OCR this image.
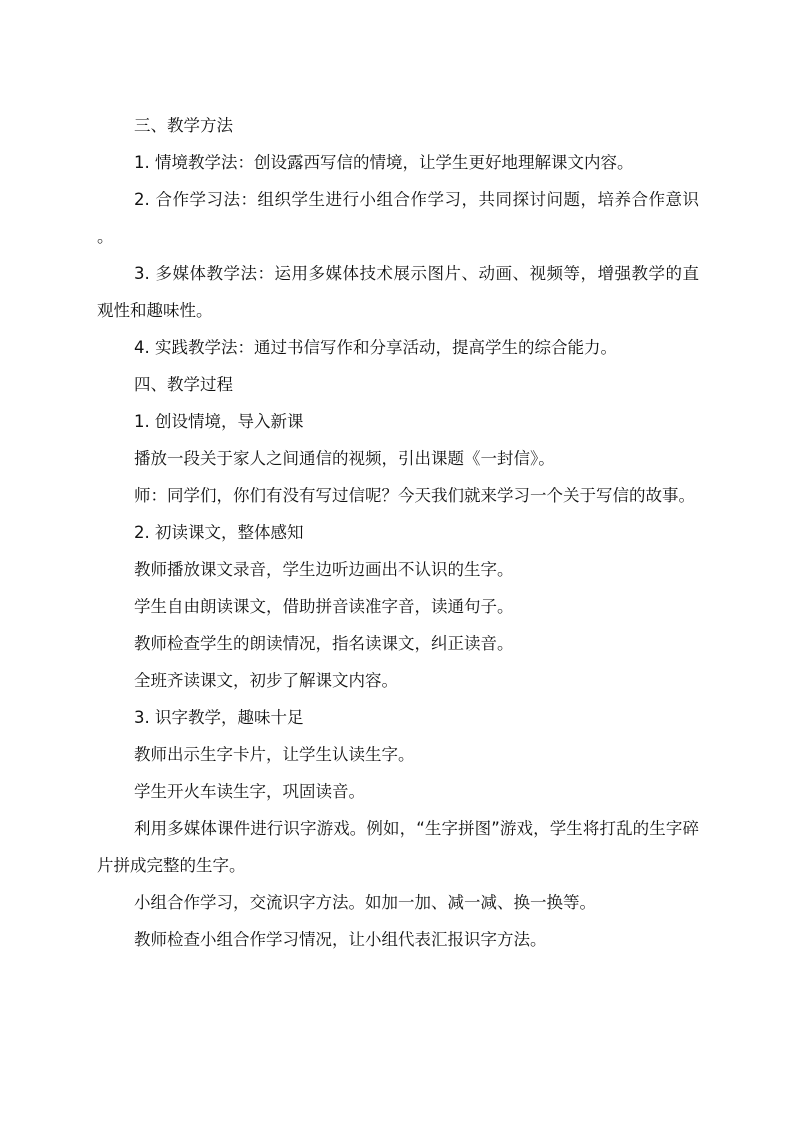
三、教学方法

1. 情境教学法：创设露西写信的情境，让学生更好地理解课文内容。

2. 合作学习法：组织学生进行小组合作学习，共同探讨问题，培养合作意识。

3. 多媒体教学法：运用多媒体技术展示图片、动画、视频等，增强教学的直观性和趣味性。

4. 实践教学法：通过书信写作和分享活动，提高学生的综合能力。

四、教学过程

1. 创设情境，导入新课

播放一段关于家人之间通信的视频，引出课题《一封信》。

师：同学们，你们有没有写过信呢？今天我们就来学习一个关于写信的故事。

2. 初读课文，整体感知

教师播放课文录音，学生边听边画出不认识的生字。

学生自由朗读课文，借助拼音读准字音，读通句子。

教师检查学生的朗读情况，指名读课文，纠正读音。

全班齐读课文，初步了解课文内容。

3. 识字教学，趣味十足

教师出示生字卡片，让学生认读生字。

学生开火车读生字，巩固读音。

利用多媒体课件进行识字游戏。例如，“生字拼图”游戏，学生将打乱的生字碎片拼成完整的生字。

小组合作学习，交流识字方法。如加一加、减一减、换一换等。

教师检查小组合作学习情况，让小组代表汇报识字方法。
